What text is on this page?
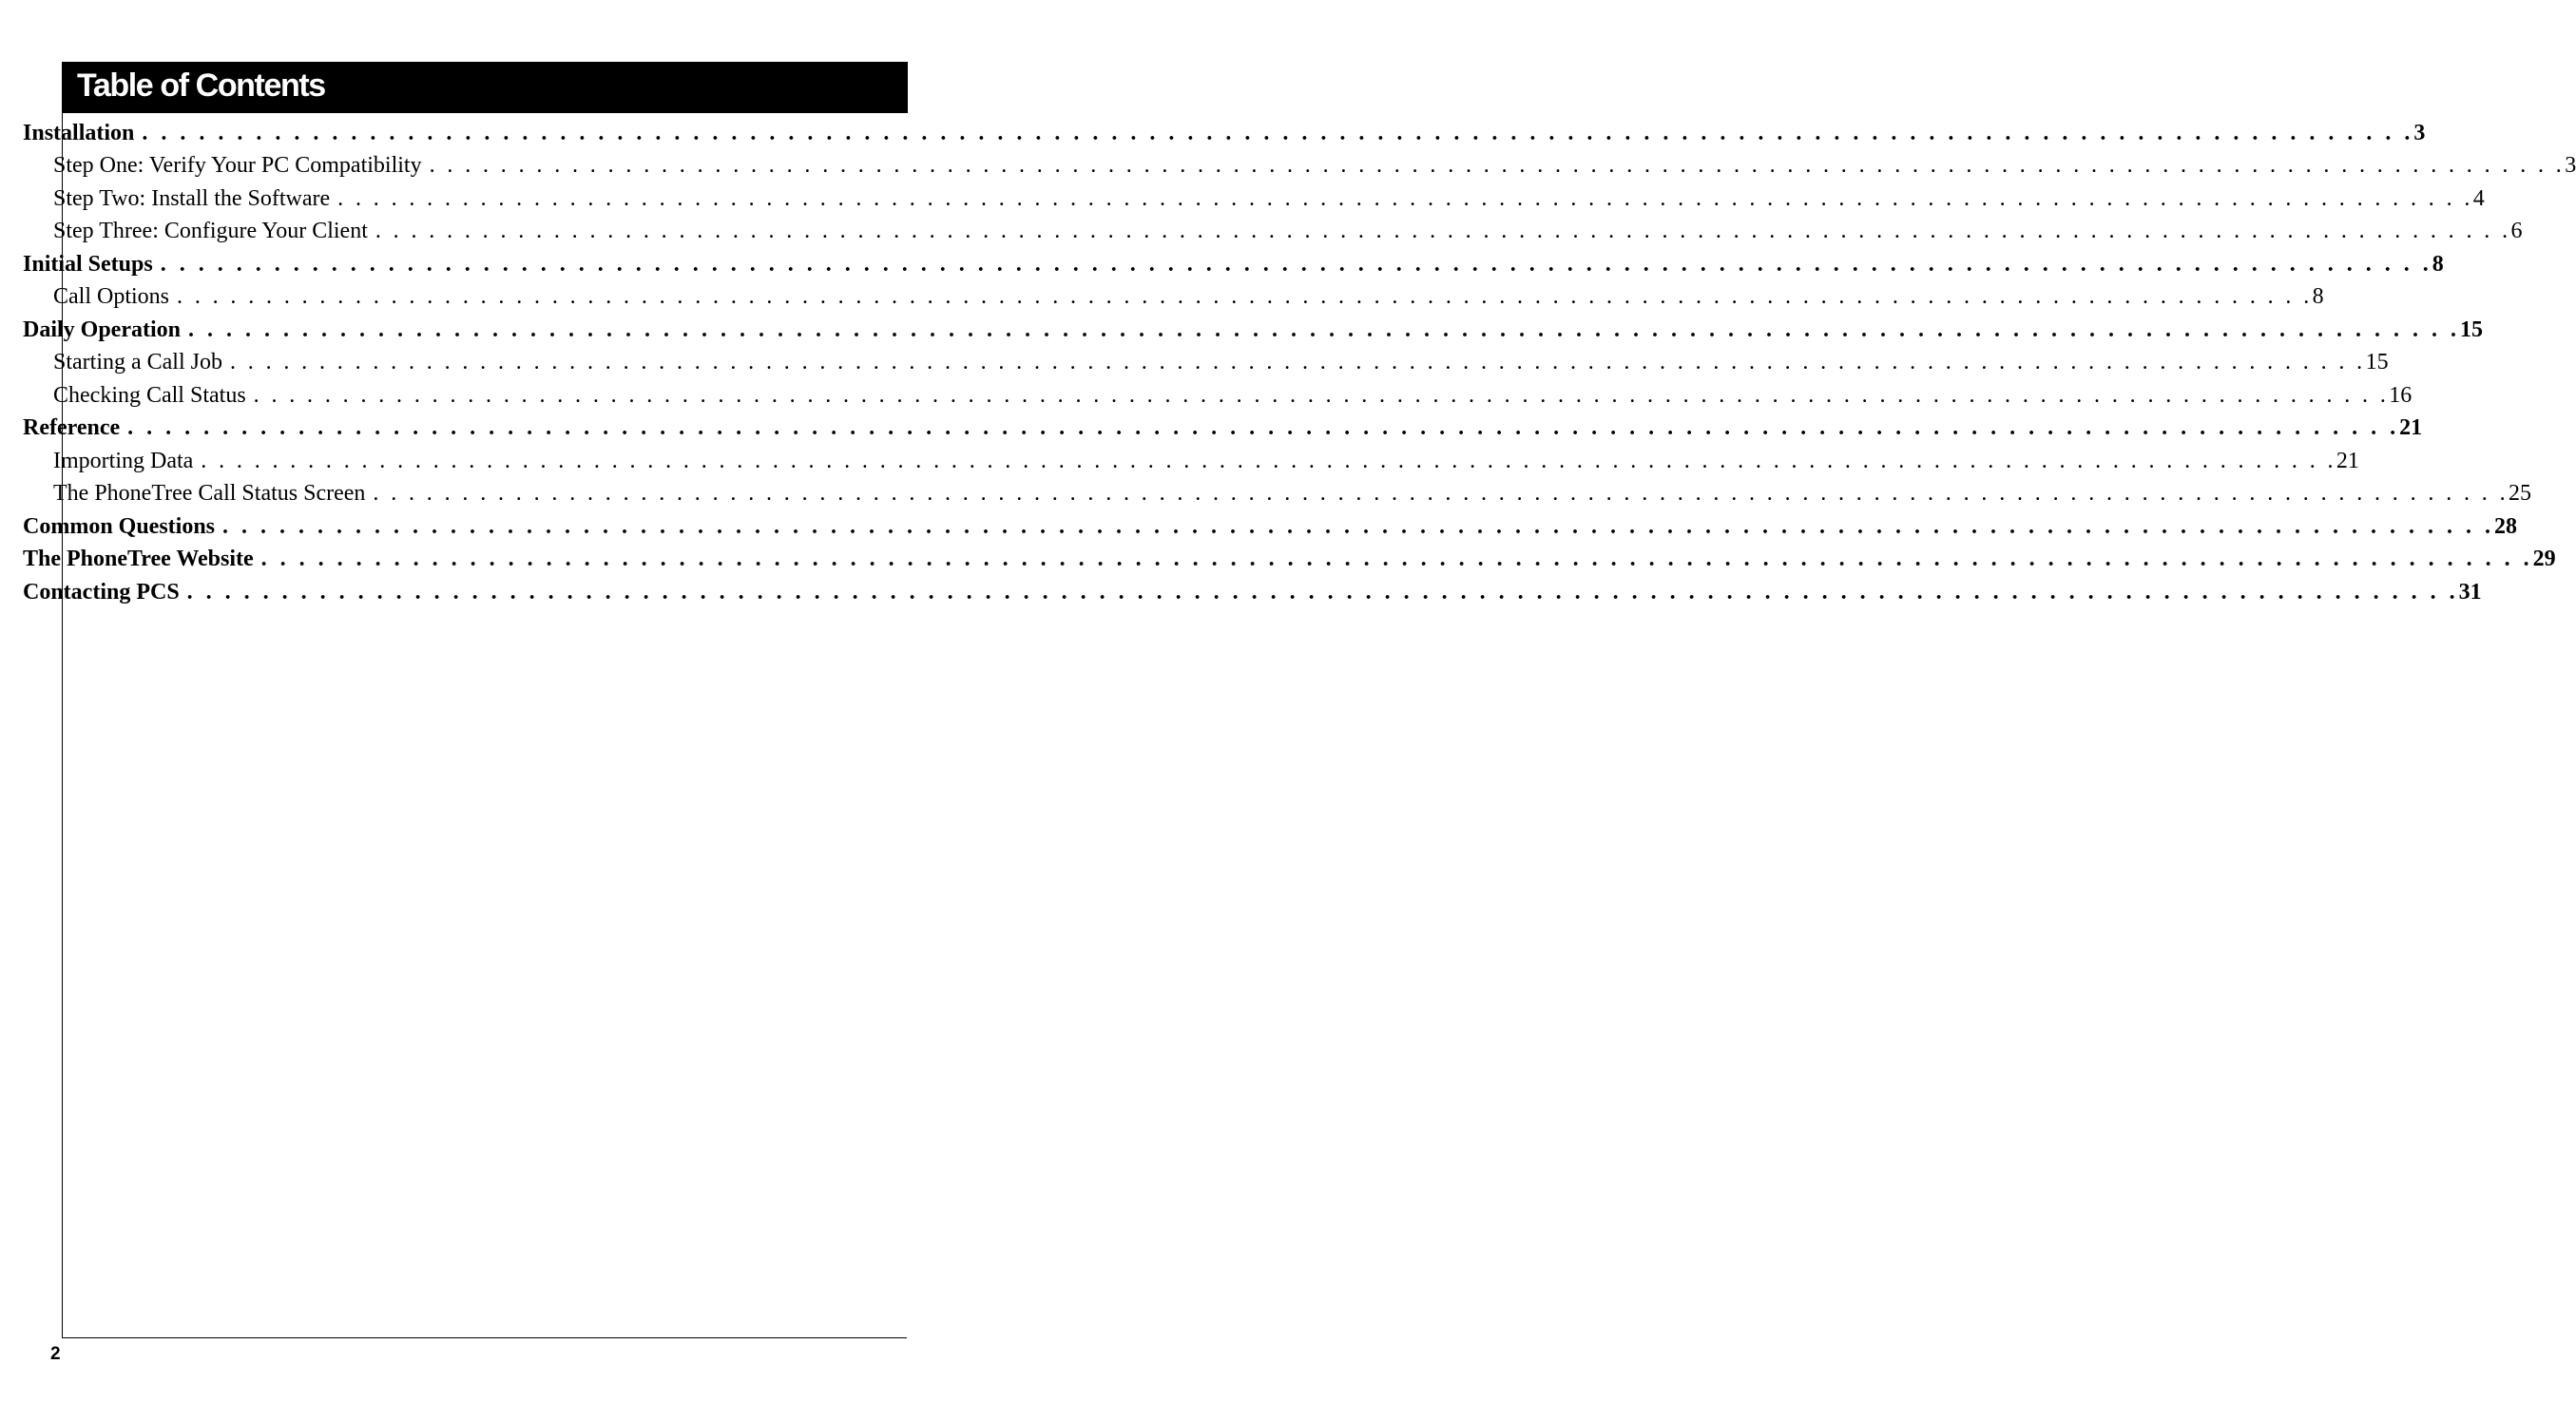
Table of Contents
Installation . . . . . . . . . . . . . . . . . . . . . . . . . . . . . . . . . . . . . . . . . . . . . . . . . . . . . . . . . . . . . . . . . . . . . . . . . . . . . . . . . . . . . . . . . . . . . . . . . . . . . . . . . . . . . . . . . . . . . . . . 3
Step One: Verify Your PC Compatibility . . . . . . . . . . . . . . . . . . . . . . . . . . . . . . . . . . . . . . . . . . . . . . . . . . . . . . . . . . . . . . . . . . . . . . . . . . . . . . . . . . . . . . . . . . . . . . . . . . . . . . . . . . . . . . . . . . . . . . . . 3
Step Two: Install the Software . . . . . . . . . . . . . . . . . . . . . . . . . . . . . . . . . . . . . . . . . . . . . . . . . . . . . . . . . . . . . . . . . . . . . . . . . . . . . . . . . . . . . . . . . . . . . . . . . . . . . . . . . . . . . . . . . . . . . . . . 4
Step Three: Configure Your Client . . . . . . . . . . . . . . . . . . . . . . . . . . . . . . . . . . . . . . . . . . . . . . . . . . . . . . . . . . . . . . . . . . . . . . . . . . . . . . . . . . . . . . . . . . . . . . . . . . . . . . . . . . . . . . . . . . . . . . . . 6
Initial Setups . . . . . . . . . . . . . . . . . . . . . . . . . . . . . . . . . . . . . . . . . . . . . . . . . . . . . . . . . . . . . . . . . . . . . . . . . . . . . . . . . . . . . . . . . . . . . . . . . . . . . . . . . . . . . . . . . . . . . . . . 8
Call Options . . . . . . . . . . . . . . . . . . . . . . . . . . . . . . . . . . . . . . . . . . . . . . . . . . . . . . . . . . . . . . . . . . . . . . . . . . . . . . . . . . . . . . . . . . . . . . . . . . . . . . . . . . . . . . . . . . . . . . . . 8
Daily Operation . . . . . . . . . . . . . . . . . . . . . . . . . . . . . . . . . . . . . . . . . . . . . . . . . . . . . . . . . . . . . . . . . . . . . . . . . . . . . . . . . . . . . . . . . . . . . . . . . . . . . . . . . . . . . . . . . . . . . . . . 15
Starting a Call Job . . . . . . . . . . . . . . . . . . . . . . . . . . . . . . . . . . . . . . . . . . . . . . . . . . . . . . . . . . . . . . . . . . . . . . . . . . . . . . . . . . . . . . . . . . . . . . . . . . . . . . . . . . . . . . . . . . . . . . . . 15
Checking Call Status . . . . . . . . . . . . . . . . . . . . . . . . . . . . . . . . . . . . . . . . . . . . . . . . . . . . . . . . . . . . . . . . . . . . . . . . . . . . . . . . . . . . . . . . . . . . . . . . . . . . . . . . . . . . . . . . . . . . . . . . 16
Reference . . . . . . . . . . . . . . . . . . . . . . . . . . . . . . . . . . . . . . . . . . . . . . . . . . . . . . . . . . . . . . . . . . . . . . . . . . . . . . . . . . . . . . . . . . . . . . . . . . . . . . . . . . . . . . . . . . . . . . . . 21
Importing Data . . . . . . . . . . . . . . . . . . . . . . . . . . . . . . . . . . . . . . . . . . . . . . . . . . . . . . . . . . . . . . . . . . . . . . . . . . . . . . . . . . . . . . . . . . . . . . . . . . . . . . . . . . . . . . . . . . . . . . . . 21
The PhoneTree Call Status Screen . . . . . . . . . . . . . . . . . . . . . . . . . . . . . . . . . . . . . . . . . . . . . . . . . . . . . . . . . . . . . . . . . . . . . . . . . . . . . . . . . . . . . . . . . . . . . . . . . . . . . . . . . . . . . . . . . . . . . . . . 25
Common Questions . . . . . . . . . . . . . . . . . . . . . . . . . . . . . . . . . . . . . . . . . . . . . . . . . . . . . . . . . . . . . . . . . . . . . . . . . . . . . . . . . . . . . . . . . . . . . . . . . . . . . . . . . . . . . . . . . . . . . . . . 28
The PhoneTree Website . . . . . . . . . . . . . . . . . . . . . . . . . . . . . . . . . . . . . . . . . . . . . . . . . . . . . . . . . . . . . . . . . . . . . . . . . . . . . . . . . . . . . . . . . . . . . . . . . . . . . . . . . . . . . . . . . . . . . . . . 29
Contacting PCS . . . . . . . . . . . . . . . . . . . . . . . . . . . . . . . . . . . . . . . . . . . . . . . . . . . . . . . . . . . . . . . . . . . . . . . . . . . . . . . . . . . . . . . . . . . . . . . . . . . . . . . . . . . . . . . . . . . . . . . . 31
2
